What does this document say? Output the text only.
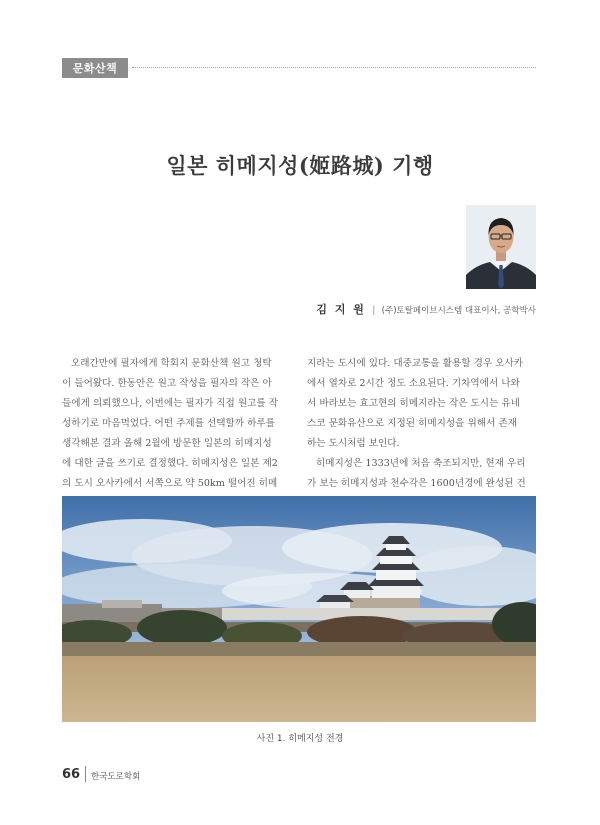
문화산책
일본 히메지성(姬路城) 기행
김 지 원 | (주)토탈페이브시스템 대표이사, 공학박사

오래간만에 필자에게 학회지 문화산책 원고 청탁

이 들어왔다. 한동안은 원고 작성을 필자의 작은 아

들에게 의뢰했으나, 이번에는 필자가 직접 원고를 작

성하기로 마음먹었다. 어떤 주제를 선택할까 하루를

생각해본 결과 올해 2월에 방문한 일본의 히메지성

에 대한 글을 쓰기로 결정했다. 히메지성은 일본 제2

의 도시 오사카에서 서쪽으로 약 50km 떨어진 히메

지라는 도시에 있다. 대중교통을 활용할 경우 오사카

에서 열차로 2시간 정도 소요된다. 기차역에서 나와

서 바라보는 효고현의 히메지라는 작은 도시는 유네

스코 문화유산으로 지정된 히메지성을 위해서 존재

하는 도시처럼 보인다.

히메지성은 1333년에 처음 축조되지만, 현재 우리

가 보는 히메지성과 천수각은 1600년경에 완성된 건

사진 1. 히메지성 전경
66 한국도로학회
